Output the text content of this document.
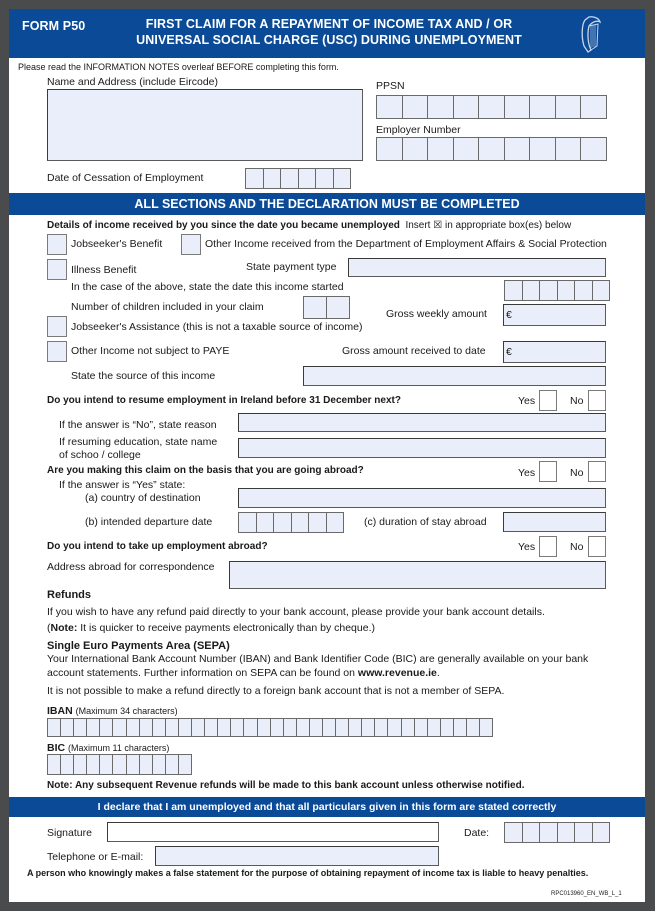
FORM P50	FIRST CLAIM FOR A REPAYMENT OF INCOME TAX AND / OR
UNIVERSAL SOCIAL CHARGE (USC) DURING UNEMPLOYMENT
Please read the INFORMATION NOTES overleaf BEFORE completing this form.
Name and Address (include Eircode)	PPSN
Employer Number
Date of Cessation of Employment
ALL SECTIONS AND THE DECLARATION MUST BE COMPLETED
Details of income received by you since the date you became unemployed Insert ☒ in appropriate box(es) below
Jobseeker's Benefit	Other Income received from the Department of Employment Affairs & Social Protection
Illness Benefit	State payment type
In the case of the above, state the date this income started
Number of children included in your claim
Gross weekly amount €
Jobseeker's Assistance (this is not a taxable source of income)
Other Income not subject to PAYE	Gross amount received to date €
State the source of this income
Do you intend to resume employment in Ireland before 31 December next?	Yes	No
If the answer is “No”, state reason
If resuming education, state name
of schoo / college
Are you making this claim on the basis that you are going abroad?	Yes	No
If the answer is “Yes” state:
(a) country of destination
(b) intended departure date	(c) duration of stay abroad
Do you intend to take up employment abroad?	Yes	No
Address abroad for correspondence
Refunds
If you wish to have any refund paid directly to your bank account, please provide your bank account details.
(Note: It is quicker to receive payments electronically than by cheque.)
Single Euro Payments Area (SEPA)
Your International Bank Account Number (IBAN) and Bank Identifier Code (BIC) are generally available on your bank
account statements. Further information on SEPA can be found on www.revenue.ie.
It is not possible to make a refund directly to a foreign bank account that is not a member of SEPA.
IBAN (Maximum 34 characters)
BIC (Maximum 11 characters)
Note: Any subsequent Revenue refunds will be made to this bank account unless otherwise notified.
I declare that I am unemployed and that all particulars given in this form are stated correctly
Signature	Date:
Telephone or E-mail:
A person who knowingly makes a false statement for the purpose of obtaining repayment of income tax is liable to heavy penalties.
RPC013960_EN_WB_L_1
